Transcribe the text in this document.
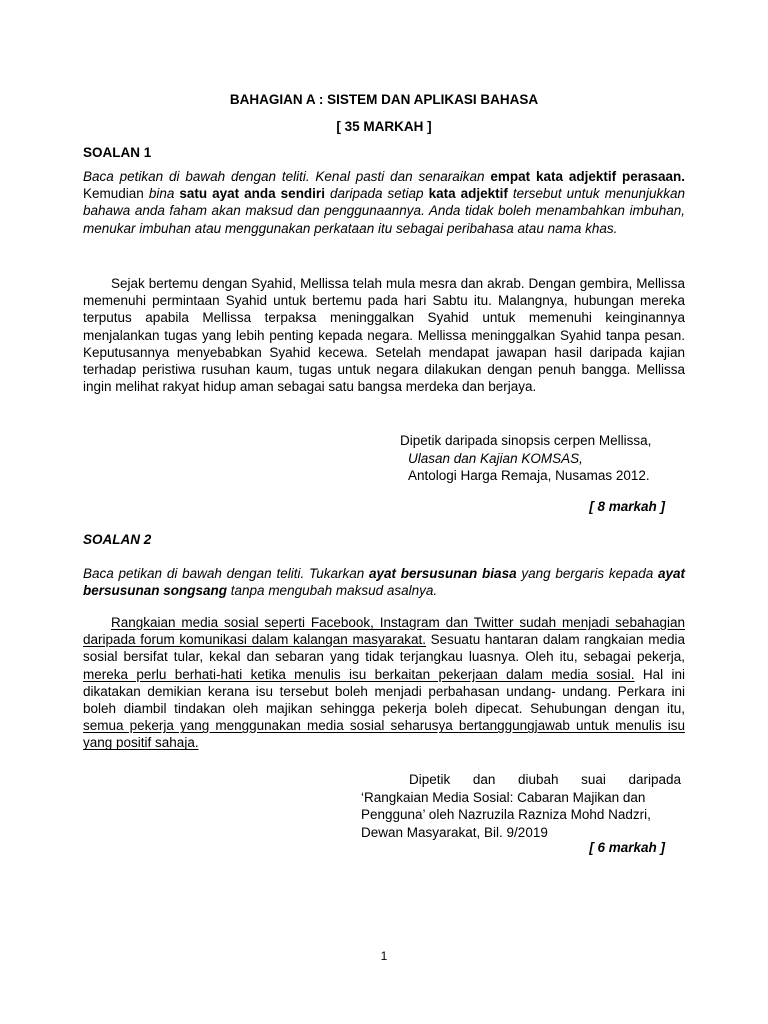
BAHAGIAN A : SISTEM DAN APLIKASI BAHASA
[ 35 MARKAH ]
SOALAN 1
Baca petikan di bawah dengan teliti. Kenal pasti dan senaraikan empat kata adjektif perasaan. Kemudian bina satu ayat anda sendiri daripada setiap kata adjektif tersebut untuk menunjukkan bahawa anda faham akan maksud dan penggunaannya. Anda tidak boleh menambahkan imbuhan, menukar imbuhan atau menggunakan perkataan itu sebagai peribahasa atau nama khas.
Sejak bertemu dengan Syahid, Mellissa telah mula mesra dan akrab. Dengan gembira, Mellissa memenuhi permintaan Syahid untuk bertemu pada hari Sabtu itu. Malangnya, hubungan mereka terputus apabila Mellissa terpaksa meninggalkan Syahid untuk memenuhi keinginannya menjalankan tugas yang lebih penting kepada negara. Mellissa meninggalkan Syahid tanpa pesan. Keputusannya menyebabkan Syahid kecewa. Setelah mendapat jawapan hasil daripada kajian terhadap peristiwa rusuhan kaum, tugas untuk negara dilakukan dengan penuh bangga. Mellissa ingin melihat rakyat hidup aman sebagai satu bangsa merdeka dan berjaya.
Dipetik daripada sinopsis cerpen Mellissa,
Ulasan dan Kajian KOMSAS,
Antologi Harga Remaja, Nusamas 2012.
[ 8 markah ]
SOALAN 2
Baca petikan di bawah dengan teliti. Tukarkan ayat bersusunan biasa yang bergaris kepada ayat bersusunan songsang tanpa mengubah maksud asalnya.
Rangkaian media sosial seperti Facebook, Instagram dan Twitter sudah menjadi sebahagian daripada forum komunikasi dalam kalangan masyarakat. Sesuatu hantaran dalam rangkaian media sosial bersifat tular, kekal dan sebaran yang tidak terjangkau luasnya. Oleh itu, sebagai pekerja, mereka perlu berhati-hati ketika menulis isu berkaitan pekerjaan dalam media sosial. Hal ini dikatakan demikian kerana isu tersebut boleh menjadi perbahasan undang- undang. Perkara ini boleh diambil tindakan oleh majikan sehingga pekerja boleh dipecat. Sehubungan dengan itu, semua pekerja yang menggunakan media sosial seharusya bertanggungjawab untuk menulis isu yang positif sahaja.
Dipetik dan diubah suai daripada
‘Rangkaian Media Sosial: Cabaran Majikan dan Pengguna’ oleh Nazruzila Razniza Mohd Nadzri, Dewan Masyarakat, Bil. 9/2019
[ 6 markah ]
1
